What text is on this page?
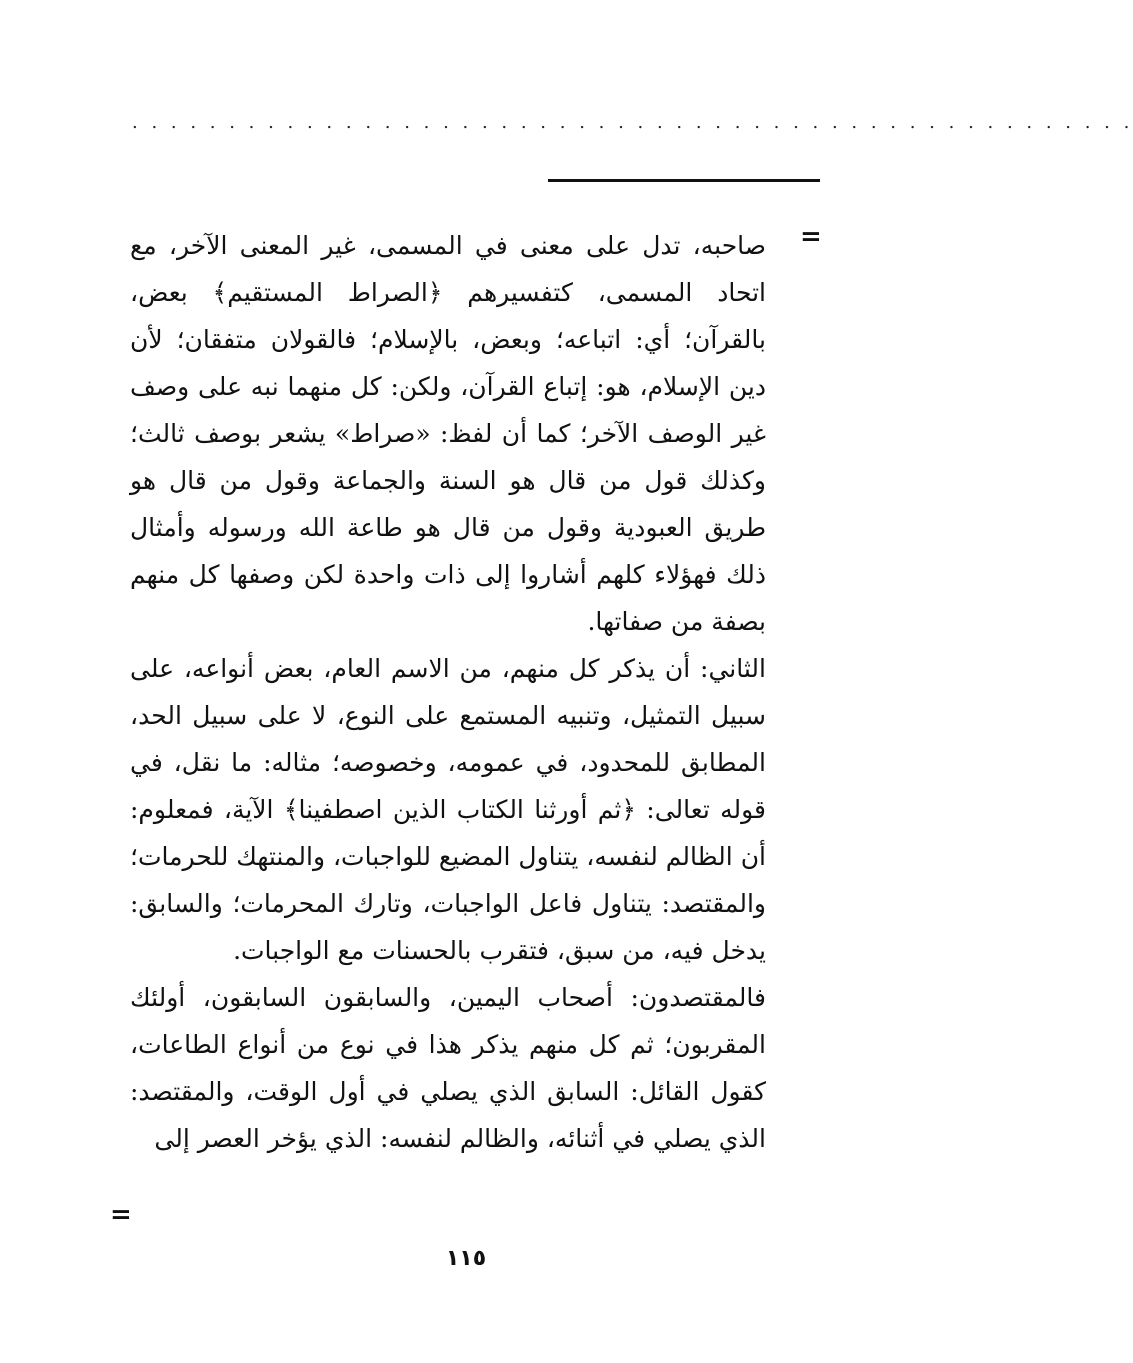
. . . . . . . . . . . . . . . . . . . . . . . . . . . . . . . . . . . . . . . . . . . . . . . . . . . .
=

صاحبه، تدل على معنى في المسمى، غير المعنى الآخر، مع اتحاد المسمى، كتفسيرهم ﴿الصراط المستقيم﴾ بعض، بالقرآن؛ أي: اتباعه؛ وبعض، بالإسلام؛ فالقولان متفقان؛ لأن دين الإسلام، هو: إتباع القرآن، ولكن: كل منهما نبه على وصف غير الوصف الآخر؛ كما أن لفظ: «صراط» يشعر بوصف ثالث؛ وكذلك قول من قال هو السنة والجماعة وقول من قال هو طريق العبودية وقول من قال هو طاعة الله ورسوله وأمثال ذلك فهؤلاء كلهم أشاروا إلى ذات واحدة لكن وصفها كل منهم بصفة من صفاتها.

الثاني: أن يذكر كل منهم، من الاسم العام، بعض أنواعه، على سبيل التمثيل، وتنبيه المستمع على النوع، لا على سبيل الحد، المطابق للمحدود، في عمومه، وخصوصه؛ مثاله: ما نقل، في قوله تعالى: ﴿ثم أورثنا الكتاب الذين اصطفينا﴾ الآية، فمعلوم: أن الظالم لنفسه، يتناول المضيع للواجبات، والمنتهك للحرمات؛ والمقتصد: يتناول فاعل الواجبات، وتارك المحرمات؛ والسابق: يدخل فيه، من سبق، فتقرب بالحسنات مع الواجبات.

فالمقتصدون: أصحاب اليمين، والسابقون السابقون، أولئك المقربون؛ ثم كل منهم يذكر هذا في نوع من أنواع الطاعات، كقول القائل: السابق الذي يصلي في أول الوقت، والمقتصد: الذي يصلي في أثنائه، والظالم لنفسه: الذي يؤخر العصر إلى

=
١١٥
